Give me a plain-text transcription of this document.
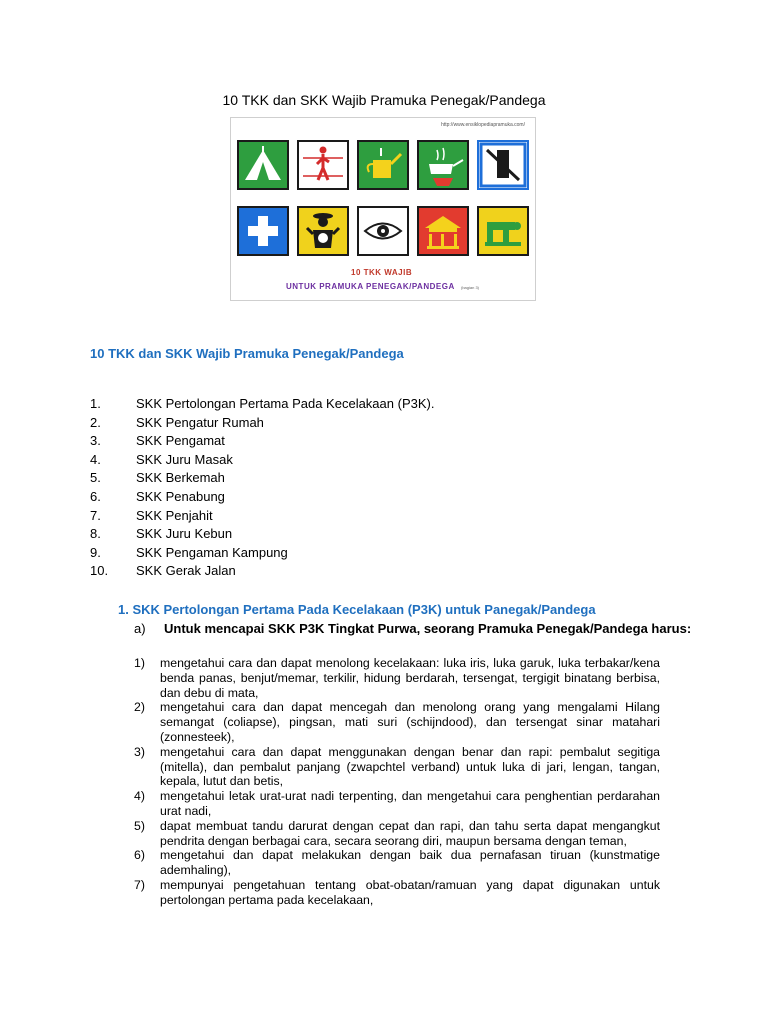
10 TKK dan SKK Wajib Pramuka Penegak/Pandega
http://www.ensiklopediapramuka.com/
10 TKK WAJIB
UNTUK PRAMUKA PENEGAK/PANDEGA (bagian 3)
10 TKK dan SKK Wajib Pramuka Penegak/Pandega
1.	SKK Pertolongan Pertama Pada Kecelakaan (P3K).
2.	SKK Pengatur Rumah
3.	SKK Pengamat
4.	SKK Juru Masak
5.	SKK Berkemah
6.	SKK Penabung
7.	SKK Penjahit
8.	SKK Juru Kebun
9.	SKK Pengaman Kampung
10. SKK Gerak Jalan
1. SKK Pertolongan Pertama Pada Kecelakaan (P3K) untuk Panegak/Pandega
a) Untuk mencapai SKK P3K Tingkat Purwa, seorang Pramuka Penegak/Pandega harus:
1) mengetahui cara dan dapat menolong kecelakaan: luka iris, luka garuk, luka terbakar/kena benda panas, benjut/memar, terkilir, hidung berdarah, tersengat, tergigit binatang berbisa, dan debu di mata,
2) mengetahui cara dan dapat mencegah dan menolong orang yang mengalami Hilang semangat (coliapse), pingsan, mati suri (schijndood), dan tersengat sinar matahari (zonnesteek),
3) mengetahui cara dan dapat menggunakan dengan benar dan rapi: pembalut segitiga (mitella), dan pembalut panjang (zwapchtel verband) untuk luka di jari, lengan, tangan, kepala, lutut dan betis,
4) mengetahui letak urat-urat nadi terpenting, dan mengetahui cara penghentian perdarahan urat nadi,
5) dapat membuat tandu darurat dengan cepat dan rapi, dan tahu serta dapat mengangkut pendrita dengan berbagai cara, secara seorang diri, maupun bersama dengan teman,
6) mengetahui dan dapat melakukan dengan baik dua pernafasan tiruan (kunstmatige ademhaling),
7) mempunyai pengetahuan tentang obat-obatan/ramuan yang dapat digunakan untuk pertolongan pertama pada kecelakaan,
